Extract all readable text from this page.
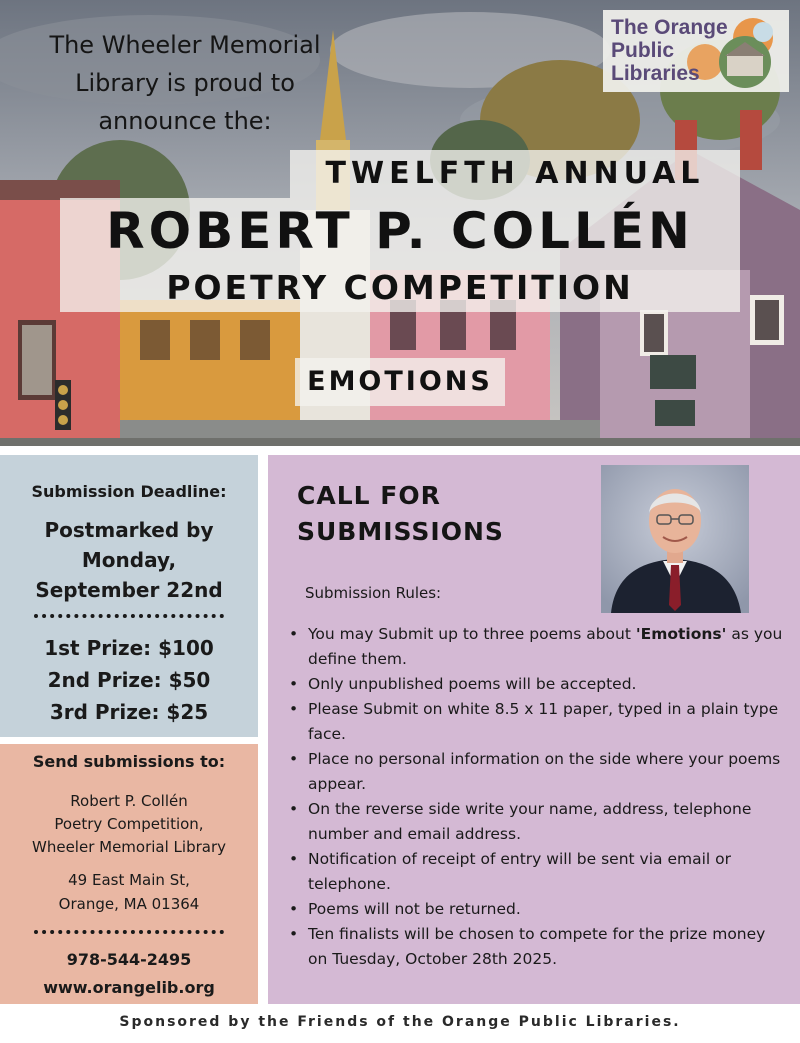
The Wheeler Memorial
Library is proud to
announce the:
The Orange
Public
Libraries
TWELFTH ANNUAL
ROBERT P. COLLÉN
POETRY COMPETITION
EMOTIONS
Submission Deadline:
Postmarked by
Monday,
September 22nd
1st Prize: $100
2nd Prize: $50
3rd Prize: $25
Send submissions to:
Robert P. Collén
Poetry Competition,
Wheeler Memorial Library
49 East Main St,
Orange, MA 01364
978-544-2495
www.orangelib.org
CALL FOR
SUBMISSIONS
Submission Rules:
• You may Submit up to three poems about 'Emotions' as you define them.
• Only unpublished poems will be accepted.
• Please Submit on white 8.5 x 11 paper, typed in a plain type face.
• Place no personal information on the side where your poems appear.
• On the reverse side write your name, address, telephone number and email address.
• Notification of receipt of entry will be sent via email or telephone.
• Poems will not be returned.
• Ten finalists will be chosen to compete for the prize money on Tuesday, October 28th 2025.
Sponsored by the Friends of the Orange Public Libraries.
